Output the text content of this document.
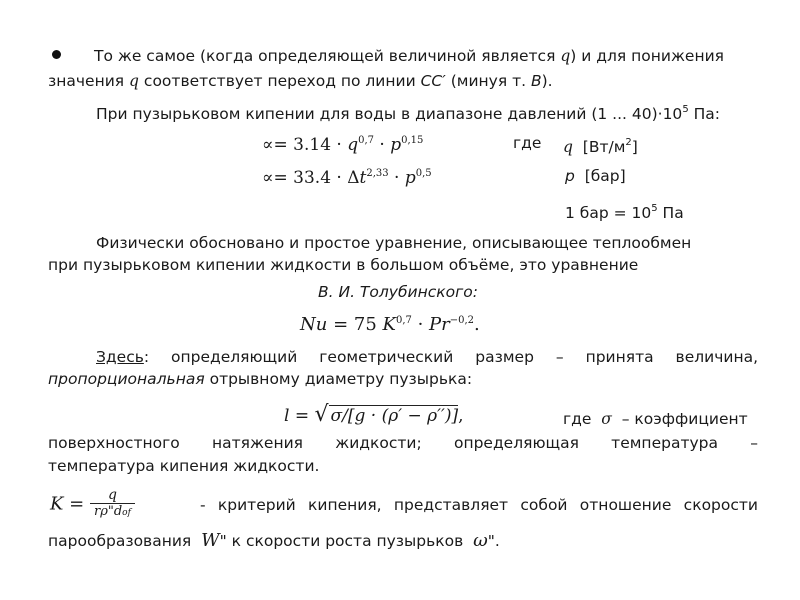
То же самое (когда определяющей величиной является q) и для понижения
значения q соответствует переход по линии CC′ (минуя т. B).
При пузырьковом кипении для воды в диапазоне давлений (1 ... $40)\cdot 10^5$ Па:
∝= $3.14 \cdot q^{0,7} \cdot p^{0,15}$	где q $[Вт/м^2]$
∝= $33.4 \cdot \Delta t^{2,33} \cdot p^{0,5}$	p [бар]
1 бар = $10^5$ Па
Физически обосновано и простое уравнение, описывающее теплообмен
при пузырьковом кипении жидкости в большом объёме, это уравнение
В. И. Толубинского:
Nu = 75 $K^{0,7} \cdot Pr^{-0,2}$.
Здесь: определяющий геометрический размер – принята величина,
пропорциональная отрывному диаметру пузырька:
l = √ σ/[g · (ρ′ − ρ′′)],	где σ – коэффициент
поверхностного натяжения жидкости; определяющая температура –
температура кипения жидкости.
$K = \frac{q}{\text{rρ"dof}}$	- критерий кипения, представляет собой отношение скорости
парообразования W" к скорости роста пузырьков ω".
